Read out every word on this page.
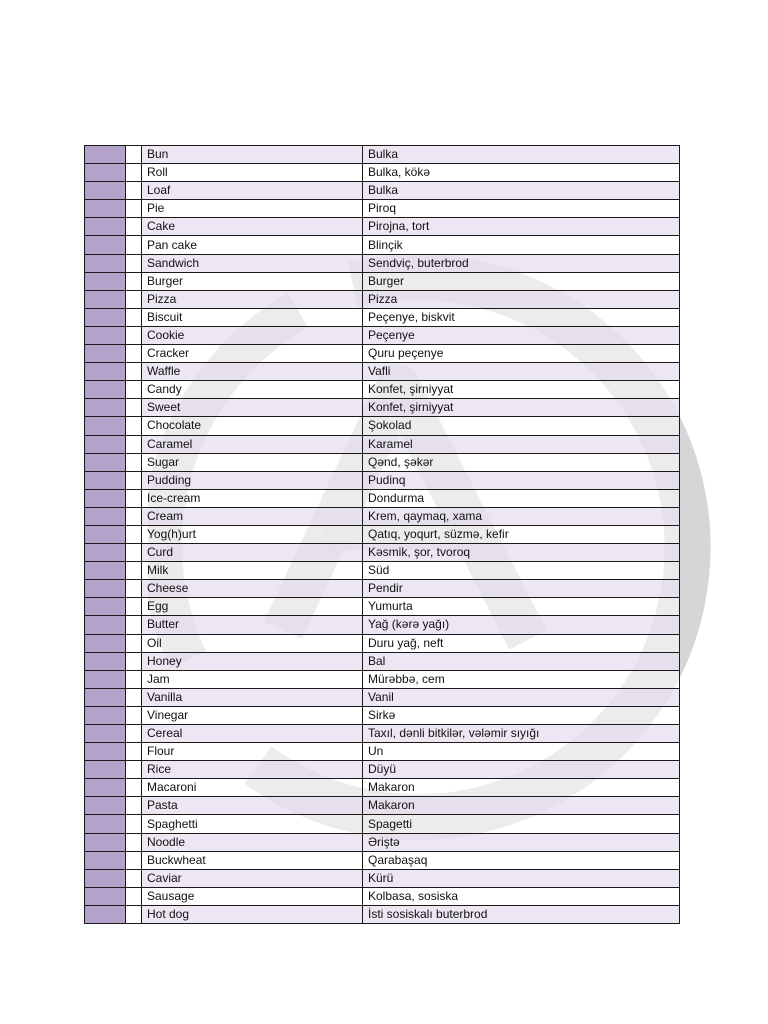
		Bun	Bulka
		Roll	Bulka, kökə
		Loaf	Bulka
		Pie	Piroq
		Cake	Pirojna, tort
		Pan cake	Blinçik
		Sandwich	Sendviç, buterbrod
		Burger	Burger
		Pizza	Pizza
		Biscuit	Peçenye, biskvit
		Cookie	Peçenye
		Cracker	Quru peçenye
		Waffle	Vafli
		Candy	Konfet, şirniyyat
		Sweet	Konfet, şirniyyat
		Chocolate	Şokolad
		Caramel	Karamel
		Sugar	Qənd, şəkər
		Pudding	Pudinq
		Ice-cream	Dondurma
		Cream	Krem, qaymaq, xama
		Yog(h)urt	Qatıq, yoqurt, süzmə, kefir
		Curd	Kəsmik, şor, tvoroq
		Milk	Süd
		Cheese	Pendir
		Egg	Yumurta
		Butter	Yağ (kərə yağı)
		Oil	Duru yağ, neft
		Honey	Bal
		Jam	Mürəbbə, cem
		Vanilla	Vanil
		Vinegar	Sirkə
		Cereal	Taxıl, dənli bitkilər, vələmir sıyığı
		Flour	Un
		Rice	Düyü
		Macaroni	Makaron
		Pasta	Makaron
		Spaghetti	Spagetti
		Noodle	Əriştə
		Buckwheat	Qarabaşaq
		Caviar	Kürü
		Sausage	Kolbasa, sosiska
		Hot dog	İsti sosiskalı buterbrod
